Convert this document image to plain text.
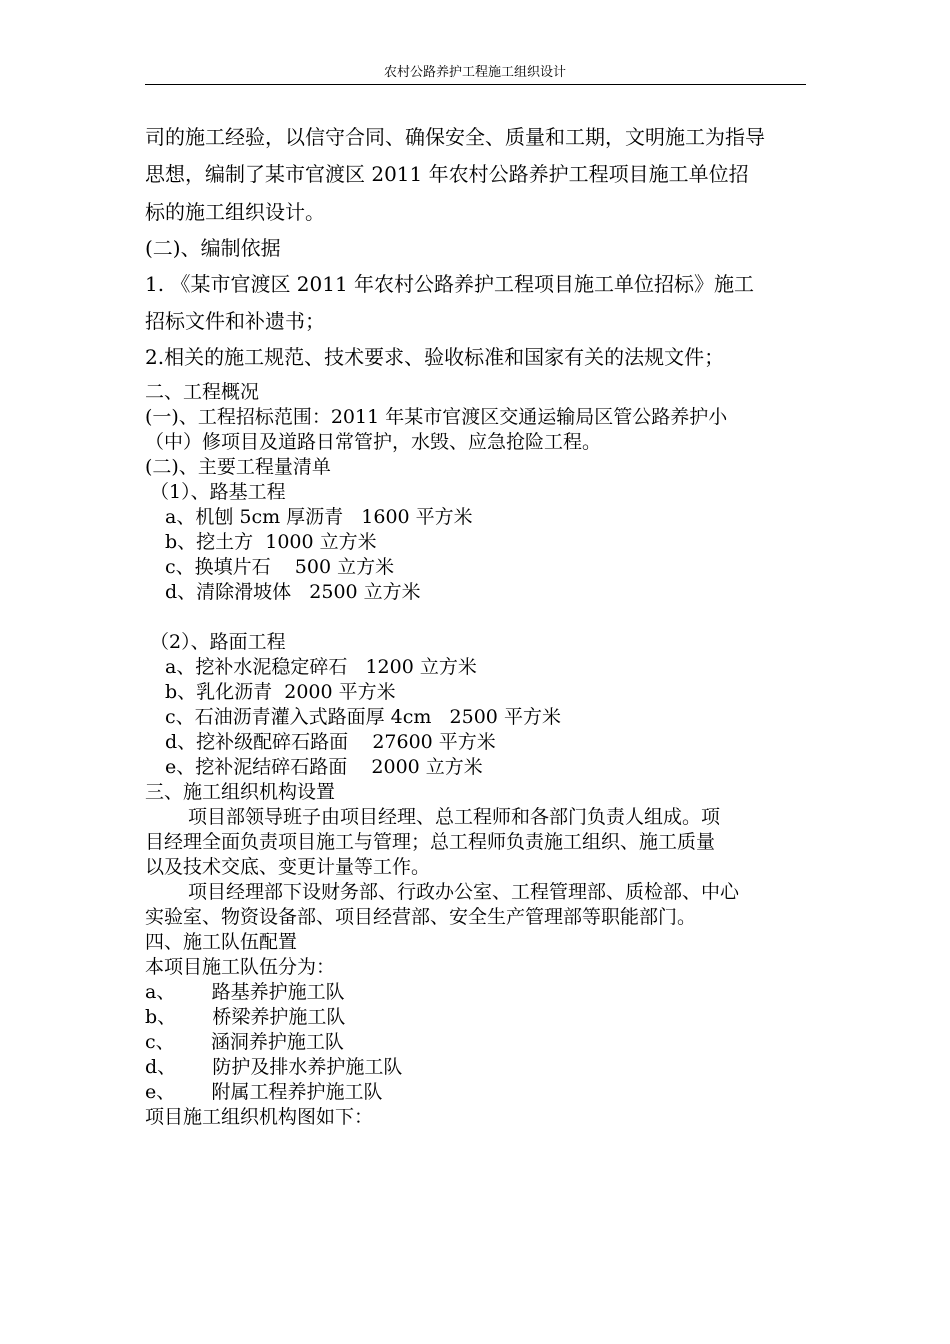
农村公路养护工程施工组织设计
司的施工经验，以信守合同、确保安全、质量和工期，文明施工为指导
思想，编制了某市官渡区 2011 年农村公路养护工程项目施工单位招
标的施工组织设计。
(二)、编制依据
1. 《某市官渡区 2011 年农村公路养护工程项目施工单位招标》施工
招标文件和补遗书；
2.相关的施工规范、技术要求、验收标准和国家有关的法规文件；
二、工程概况
(一)、工程招标范围：2011 年某市官渡区交通运输局区管公路养护小
（中）修项目及道路日常管护，水毁、应急抢险工程。
(二)、主要工程量清单
（1）、路基工程
a、机刨 5cm 厚沥青   1600 平方米
b、挖土方  1000 立方米
c、换填片石    500 立方米
d、清除滑坡体   2500 立方米
（2）、路面工程
a、挖补水泥稳定碎石   1200 立方米
b、乳化沥青  2000 平方米
c、石油沥青灌入式路面厚 4cm   2500 平方米
d、挖补级配碎石路面    27600 平方米
e、挖补泥结碎石路面    2000 立方米
三、施工组织机构设置
项目部领导班子由项目经理、总工程师和各部门负责人组成。项
目经理全面负责项目施工与管理；总工程师负责施工组织、施工质量
以及技术交底、变更计量等工作。
项目经理部下设财务部、行政办公室、工程管理部、质检部、中心
实验室、物资设备部、项目经营部、安全生产管理部等职能部门。
四、施工队伍配置
本项目施工队伍分为：
a、      路基养护施工队
b、      桥梁养护施工队
c、      涵洞养护施工队
d、      防护及排水养护施工队
e、      附属工程养护施工队
项目施工组织机构图如下：
